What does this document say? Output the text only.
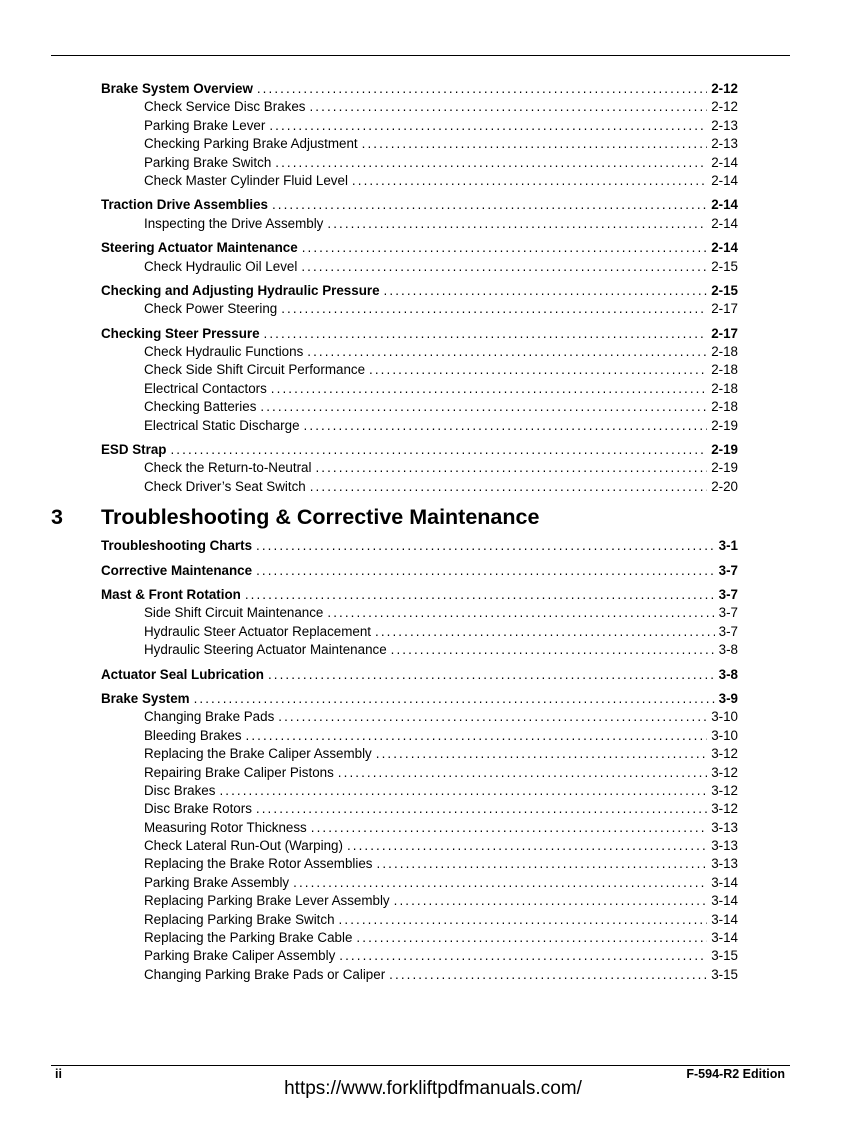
Brake System Overview .....	2-12
Check Service Disc Brakes .....	2-12
Parking Brake Lever .....	2-13
Checking Parking Brake Adjustment .....	2-13
Parking Brake Switch .....	2-14
Check Master Cylinder Fluid Level .....	2-14
Traction Drive Assemblies .....	2-14
Inspecting the Drive Assembly .....	2-14
Steering Actuator Maintenance .....	2-14
Check Hydraulic Oil Level .....	2-15
Checking and Adjusting Hydraulic Pressure .....	2-15
Check Power Steering .....	2-17
Checking Steer Pressure .....	2-17
Check Hydraulic Functions .....	2-18
Check Side Shift Circuit Performance .....	2-18
Electrical Contactors .....	2-18
Checking Batteries .....	2-18
Electrical Static Discharge .....	2-19
ESD Strap .....	2-19
Check the Return-to-Neutral .....	2-19
Check Driver’s Seat Switch .....	2-20
3	Troubleshooting & Corrective Maintenance
Troubleshooting Charts .....	3-1
Corrective Maintenance .....	3-7
Mast & Front Rotation .....	3-7
Side Shift Circuit Maintenance .....	3-7
Hydraulic Steer Actuator Replacement .....	3-7
Hydraulic Steering Actuator Maintenance .....	3-8
Actuator Seal Lubrication .....	3-8
Brake System .....	3-9
Changing Brake Pads .....	3-10
Bleeding Brakes .....	3-10
Replacing the Brake Caliper Assembly .....	3-12
Repairing Brake Caliper Pistons .....	3-12
Disc Brakes .....	3-12
Disc Brake Rotors .....	3-12
Measuring Rotor Thickness .....	3-13
Check Lateral Run-Out (Warping) .....	3-13
Replacing the Brake Rotor Assemblies .....	3-13
Parking Brake Assembly .....	3-14
Replacing Parking Brake Lever Assembly .....	3-14
Replacing Parking Brake Switch .....	3-14
Replacing the Parking Brake Cable .....	3-14
Parking Brake Caliper Assembly .....	3-15
Changing Parking Brake Pads or Caliper .....	3-15
ii	F-594-R2 Edition
https://www.forkliftpdfmanuals.com/
